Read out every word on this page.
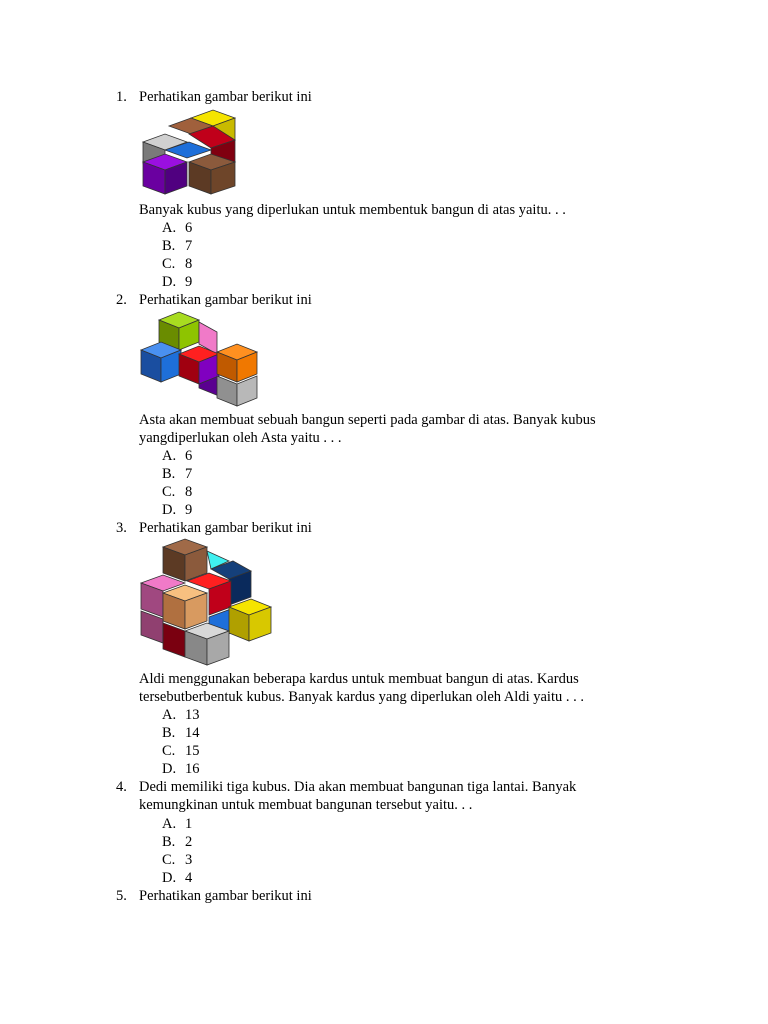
1. Perhatikan gambar berikut ini
Banyak kubus yang diperlukan untuk membentuk bangun di atas yaitu. . .
A. 6
B. 7
C. 8
D. 9
2. Perhatikan gambar berikut ini
Asta akan membuat sebuah bangun seperti pada gambar di atas. Banyak kubus
yangdiperlukan oleh Asta yaitu . . .
A. 6
B. 7
C. 8
D. 9
3. Perhatikan gambar berikut ini
Aldi menggunakan beberapa kardus untuk membuat bangun di atas. Kardus
tersebutberbentuk kubus. Banyak kardus yang diperlukan oleh Aldi yaitu . . .
A. 13
B. 14
C. 15
D. 16
4. Dedi memiliki tiga kubus. Dia akan membuat bangunan tiga lantai. Banyak
kemungkinan untuk membuat bangunan tersebut yaitu. . .
A. 1
B. 2
C. 3
D. 4
5. Perhatikan gambar berikut ini
